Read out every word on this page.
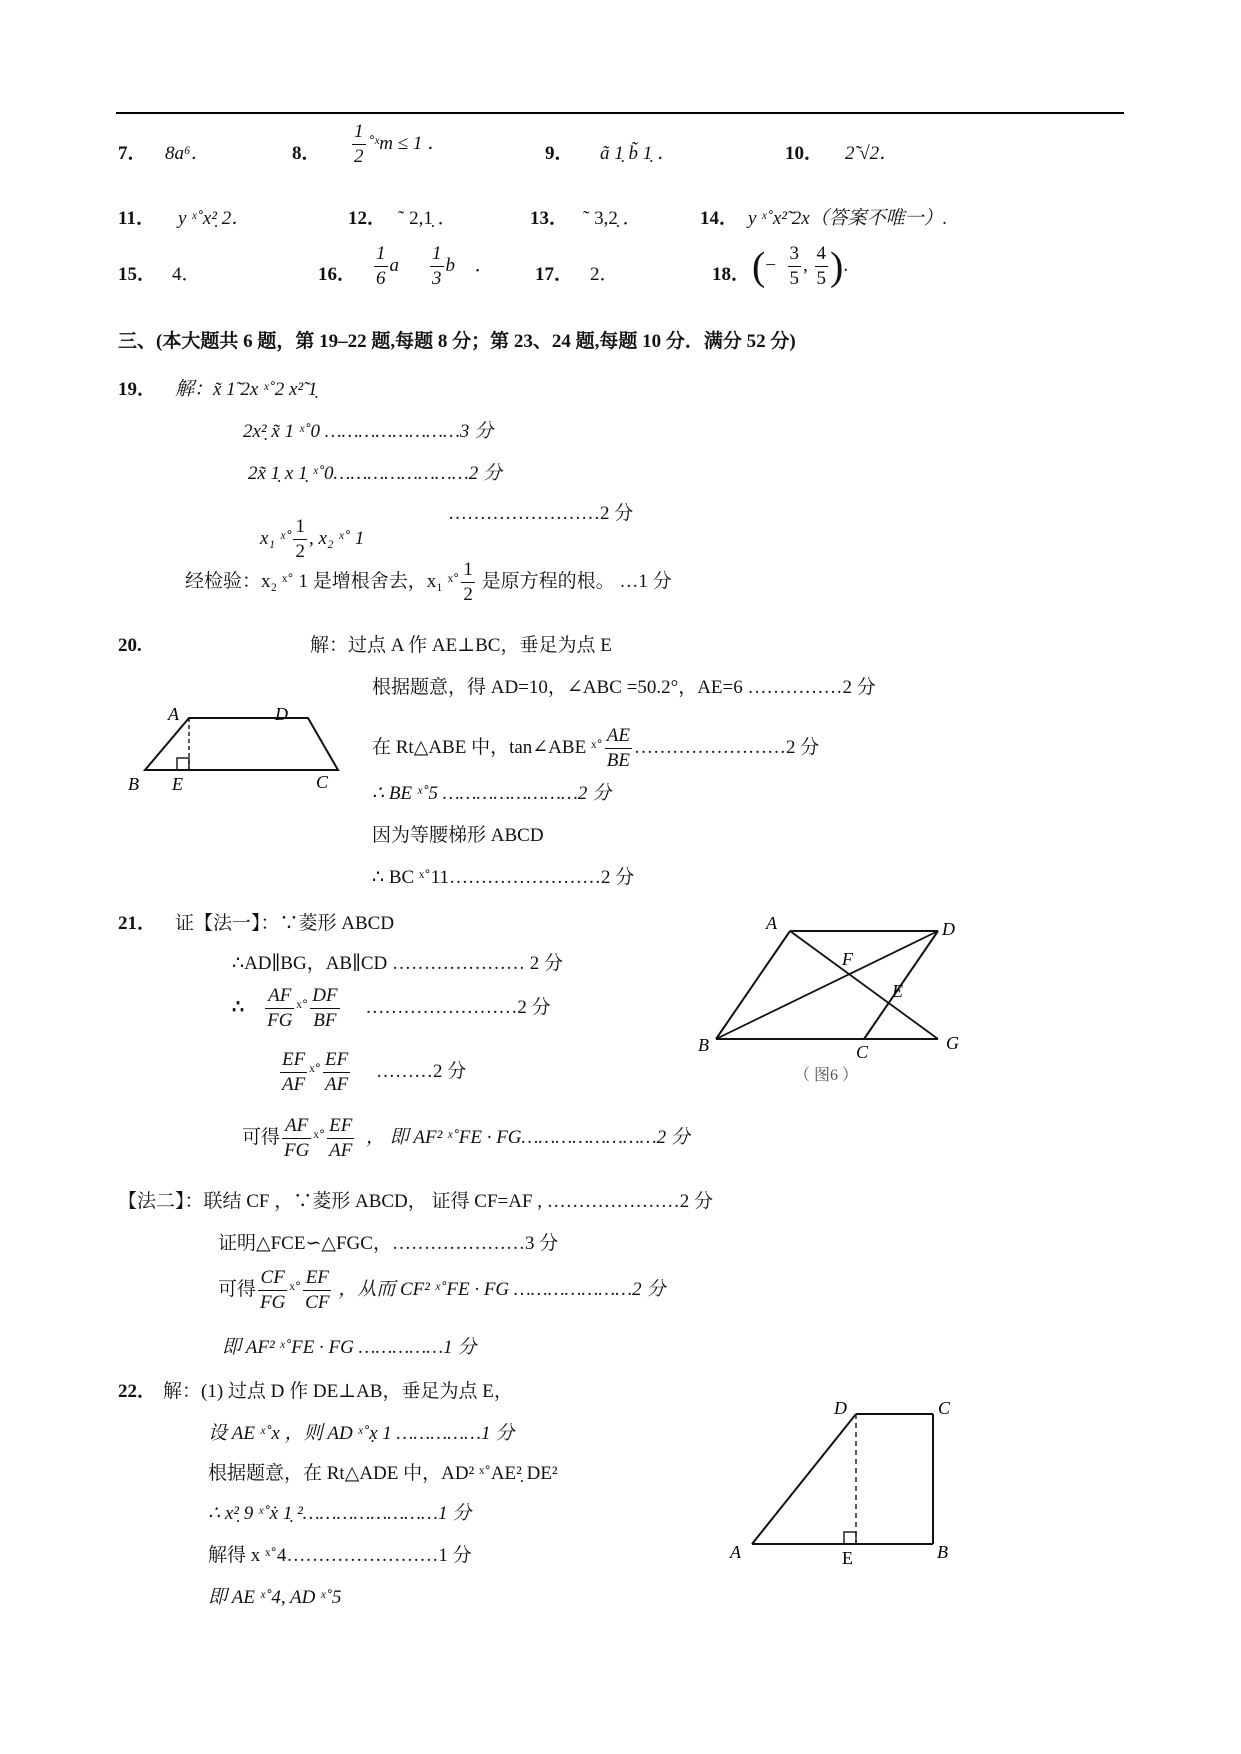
7． 8a⁶．	8． $\frac{1}{2}$ ˚ˣm ≤ 1 ．	9． ã 1̣ b̃ 1̣ ．	10． 2̃ √2．
11． y ˣ˚x²̣ 2．	12． ˜ 2,1̣ ．	13． ˜ 3,2̣ ．	14． y ˣ˚x²̃ 2x（答案不唯一）.
15． 4．	16． $\frac{1}{6}$ a⃗ $\frac{1}{3}$ b⃗ ． 17． 2．	18． (− $\frac{3}{5}$ , $\frac{4}{5}$ ).
三、(本大题共 6 题，第 19–22 题,每题 8 分；第 23、24 题,每题 10 分．满分 52 分)
19． 解：x̃ 1̃ 2x ˣ˚2 x²̃ 1̣
2x²̣ x̃ 1 ˣ˚0 ……………………3 分
2x̃ 1̣ x 1̣ ˣ˚0……………………2 分
……………………2 分
x₁ ˣ˚ $\frac{1}{2}$ , x₂ ˣ˚ 1
经检验：x₂ ˣ˚ 1 是增根舍去，x₁ ˣ˚ $\frac{1}{2}$ 是原方程的根。 …1 分
20.	解：过点 A 作 AE⊥BC，垂足为点 E
根据题意，得 AD=10，∠ABC =50.2°，AE=6 ……………2 分
在 Rt△ABE 中，tan∠ABE ˣ˚ $\frac{AE}{BE}$ ……………………2 分
∴ BE ˣ˚5 ……………………2 分
因为等腰梯形 ABCD
∴ BC ˣ˚11……………………2 分
A	D
B E	C
21． 证【法一】：∵菱形 ABCD
∴AD∥BG，AB∥CD ………………… 2 分
∴ $\frac{AF}{FG}$ ˣ˚ $\frac{DF}{BF}$ ……………………2 分
$\frac{EF}{AF}$ ˣ˚ $\frac{EF}{AF}$ ………2 分
可得 $\frac{AF}{FG}$ ˣ˚ $\frac{EF}{AF}$ ， 即 AF² ˣ˚FE · FG……………………2 分
A	D
F
E
B	C	G
（ 图6 ）
【法二】：联结 CF ，∵菱形 ABCD， 证得 CF=AF , …………………2 分
证明△FCE∽△FGC，…………………3 分
可得 $\frac{CF}{FG}$ ˣ˚ $\frac{EF}{CF}$ ，从而 CF² ˣ˚FE · FG …………………2 分
即 AF² ˣ˚FE · FG ……………1 分
22． 解：(1) 过点 D 作 DE⊥AB，垂足为点 E，
设 AE ˣ˚x ，则 AD ˣ˚x̣ 1 ……………1 分
根据题意，在 Rt△ADE 中，AD² ˣ˚AE²̣ DE²
∴ x²̣ 9 ˣ˚ẋ 1̣ ²……………………1 分
解得 x ˣ˚4……………………1 分
即 AE ˣ˚4, AD ˣ˚5
D	C
A	E	B
